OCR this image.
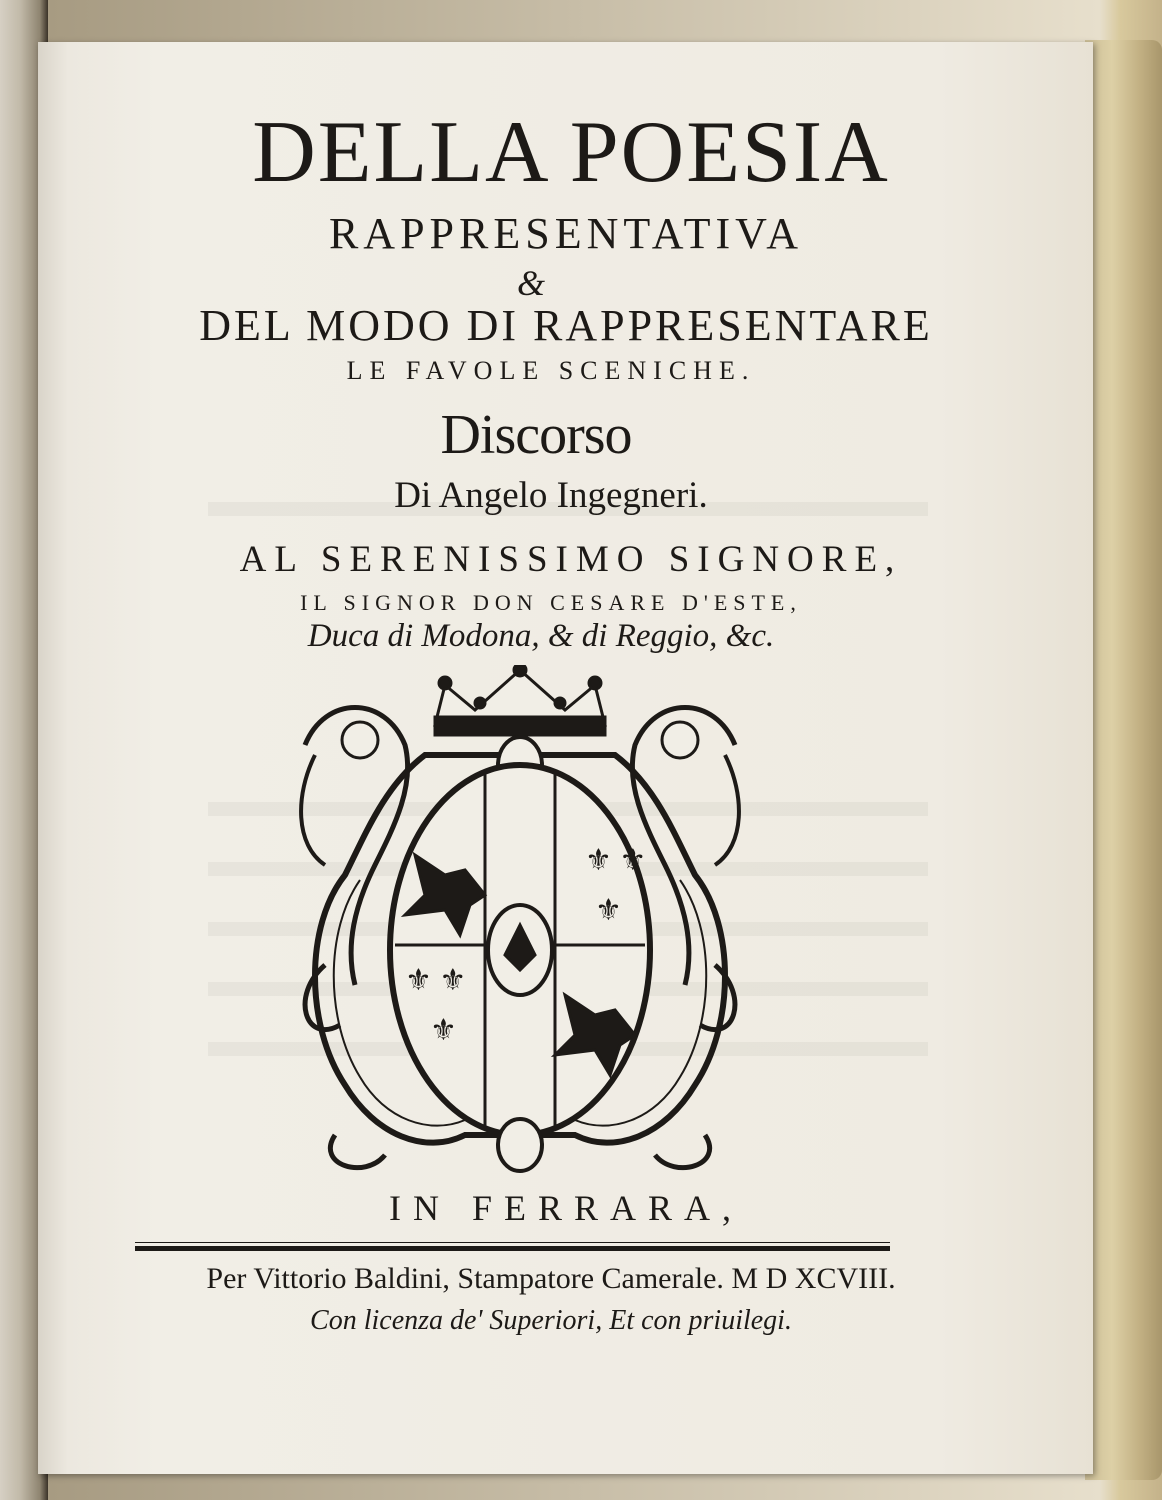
DELLA POESIA

RAPPRESENTATIVA

&

DEL MODO DI RAPPRESENTARE

LE FAVOLE SCENICHE.

Discorso

Di Angelo Ingegneri.

AL SERENISSIMO SIGNORE,

IL SIGNOR DON CESARE D'ESTE,

Duca di Modona, & di Reggio, &c.

⚜ ⚜
⚜
⚜ ⚜
⚜

IN FERRARA,

Per Vittorio Baldini, Stampatore Camerale. M D XCVIII.

Con licenza de' Superiori, Et con priuilegi.
